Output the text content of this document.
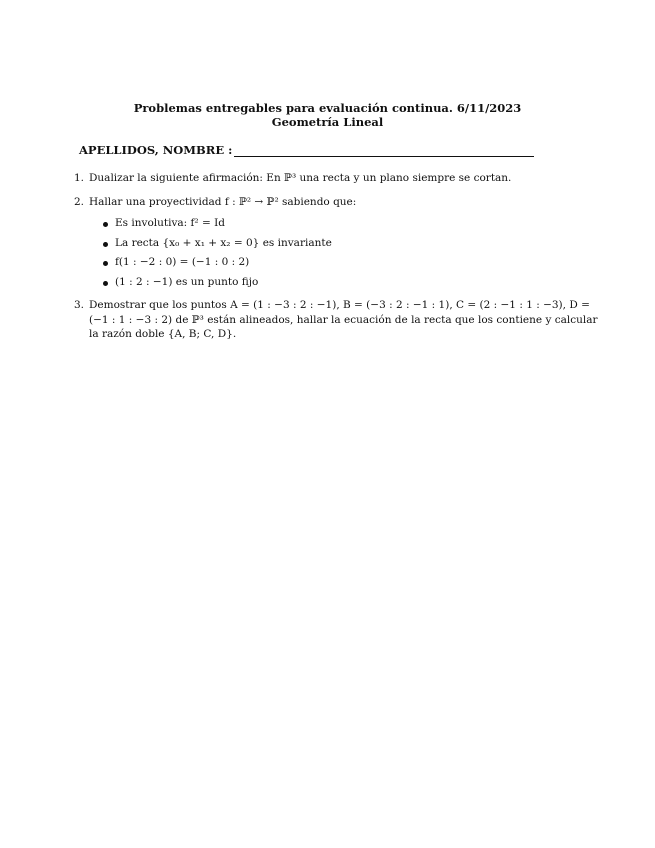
Problemas entregables para evaluación continua. 6/11/2023
Geometría Lineal
APELLIDOS, NOMBRE :
1. Dualizar la siguiente afirmación: En ℙ³ una recta y un plano siempre se cortan.
2. Hallar una proyectividad f : ℙ² → ℙ² sabiendo que:
Es involutiva: f² = Id
La recta {x₀ + x₁ + x₂ = 0} es invariante
f(1 : −2 : 0) = (−1 : 0 : 2)
(1 : 2 : −1) es un punto fijo
3. Demostrar que los puntos A = (1 : −3 : 2 : −1), B = (−3 : 2 : −1 : 1), C = (2 : −1 : 1 : −3), D = (−1 : 1 : −3 : 2) de ℙ³ están alineados, hallar la ecuación de la recta que los contiene y calcular la razón doble {A, B; C, D}.
